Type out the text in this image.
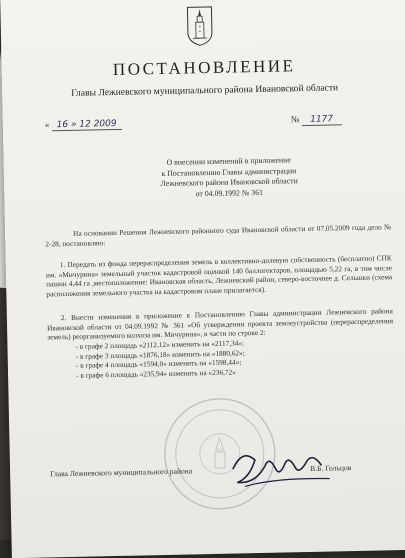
ПОСТАНОВЛЕНИЕ
Главы Лежневского муниципального района Ивановской области
« 16 » 12 2009	№ 1177
О внесении изменений в приложение
к Постановлению Главы администрации
Лежневского района Ивановской области
от 04.09.1992 № 361
На основании Решения Лежневского районного суда Ивановской области от 07.05.2009 года дело № 2-28, постановляю:
1. Передать из фонда перераспределения земель в коллективно-долевую собственность (бесплатно) СПК им. «Мичурина» земельный участок кадастровой оценкой 140 баллогектаров, площадью 5,22 га, в том числе пашни 4,44 га ,местоположение: Ивановская область, Лежневский район, северо-восточнее д. Сельшки (схема расположения земельного участка на кадастровом плане прилагается).
2. Внести изменения в приложение к Постановлению Главы администрации Лежневского района Ивановской области от 04.09.1992 № 361 «Об утверждении проекта землеустройства (перераспределения земель) реорганизуемого колхоза им. Мичурина», в части по строке 2:
- в графе 2 площадь «2112,12» изменить на «2117,34»;
- в графе 3 площадь «1876,18» изменить на «1880,62»;
- в графе 4 площадь «1594,0» изменить на «1598,44»;
- в графе 6 площадь «235,94» изменить на «236,72»
Глава Лежневского муниципального района	В.Б. Гольцов
